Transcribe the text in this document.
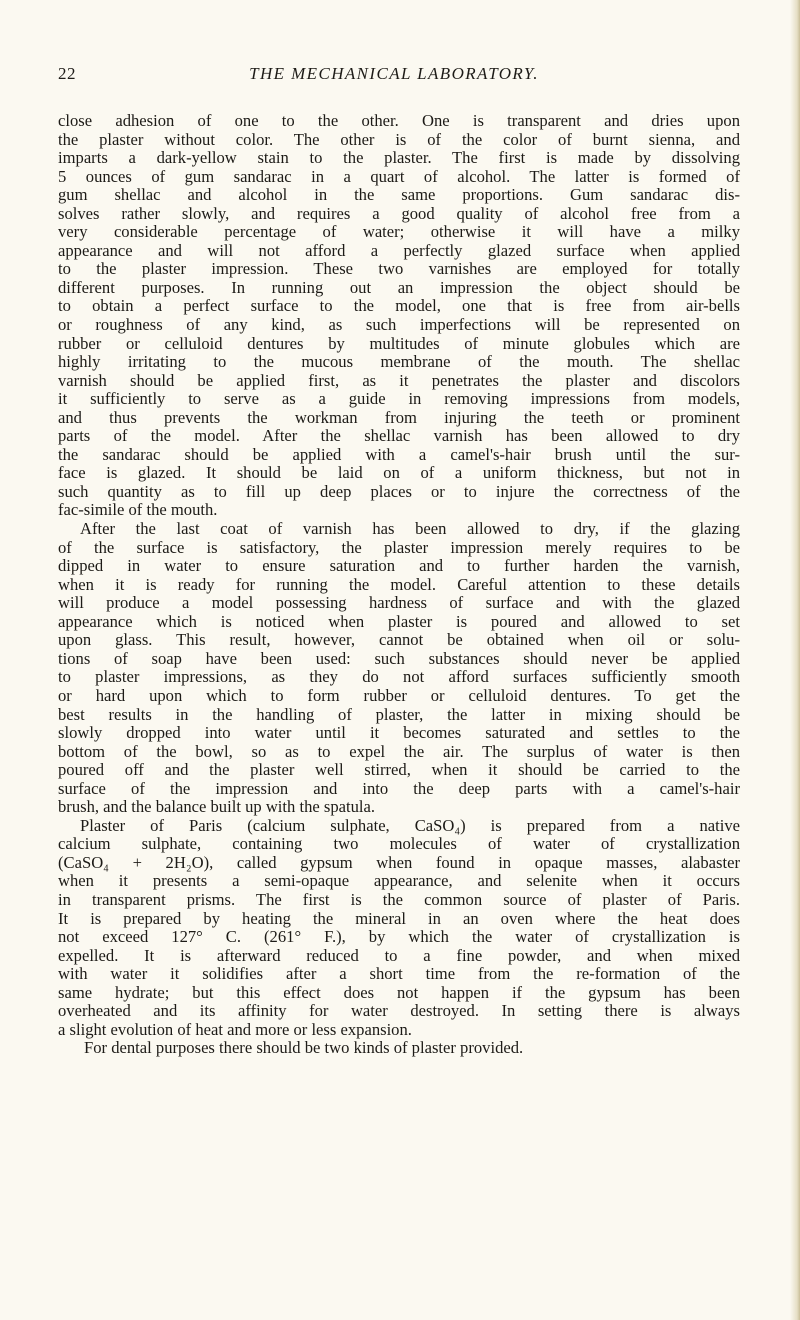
22	THE MECHANICAL LABORATORY.
close adhesion of one to the other. One is transparent and dries upon
the plaster without color. The other is of the color of burnt sienna, and
imparts a dark-yellow stain to the plaster. The first is made by dissolving
5 ounces of gum sandarac in a quart of alcohol. The latter is formed of
gum shellac and alcohol in the same proportions. Gum sandarac dis-
solves rather slowly, and requires a good quality of alcohol free from a
very considerable percentage of water; otherwise it will have a milky
appearance and will not afford a perfectly glazed surface when applied
to the plaster impression. These two varnishes are employed for totally
different purposes. In running out an impression the object should be
to obtain a perfect surface to the model, one that is free from air-bells
or roughness of any kind, as such imperfections will be represented on
rubber or celluloid dentures by multitudes of minute globules which are
highly irritating to the mucous membrane of the mouth. The shellac
varnish should be applied first, as it penetrates the plaster and discolors
it sufficiently to serve as a guide in removing impressions from models,
and thus prevents the workman from injuring the teeth or prominent
parts of the model. After the shellac varnish has been allowed to dry
the sandarac should be applied with a camel's-hair brush until the sur-
face is glazed. It should be laid on of a uniform thickness, but not in
such quantity as to fill up deep places or to injure the correctness of the
fac-simile of the mouth.
After the last coat of varnish has been allowed to dry, if the glazing
of the surface is satisfactory, the plaster impression merely requires to be
dipped in water to ensure saturation and to further harden the varnish,
when it is ready for running the model. Careful attention to these details
will produce a model possessing hardness of surface and with the glazed
appearance which is noticed when plaster is poured and allowed to set
upon glass. This result, however, cannot be obtained when oil or solu-
tions of soap have been used: such substances should never be applied
to plaster impressions, as they do not afford surfaces sufficiently smooth
or hard upon which to form rubber or celluloid dentures. To get the
best results in the handling of plaster, the latter in mixing should be
slowly dropped into water until it becomes saturated and settles to the
bottom of the bowl, so as to expel the air. The surplus of water is then
poured off and the plaster well stirred, when it should be carried to the
surface of the impression and into the deep parts with a camel's-hair
brush, and the balance built up with the spatula.
Plaster of Paris (calcium sulphate, CaSO₄) is prepared from a native
calcium sulphate, containing two molecules of water of crystallization
(CaSO₄ + 2H₂O), called gypsum when found in opaque masses, alabaster
when it presents a semi-opaque appearance, and selenite when it occurs
in transparent prisms. The first is the common source of plaster of Paris.
It is prepared by heating the mineral in an oven where the heat does
not exceed 127° C. (261° F.), by which the water of crystallization is
expelled. It is afterward reduced to a fine powder, and when mixed
with water it solidifies after a short time from the re-formation of the
same hydrate; but this effect does not happen if the gypsum has been
overheated and its affinity for water destroyed. In setting there is always
a slight evolution of heat and more or less expansion.
For dental purposes there should be two kinds of plaster provided.
